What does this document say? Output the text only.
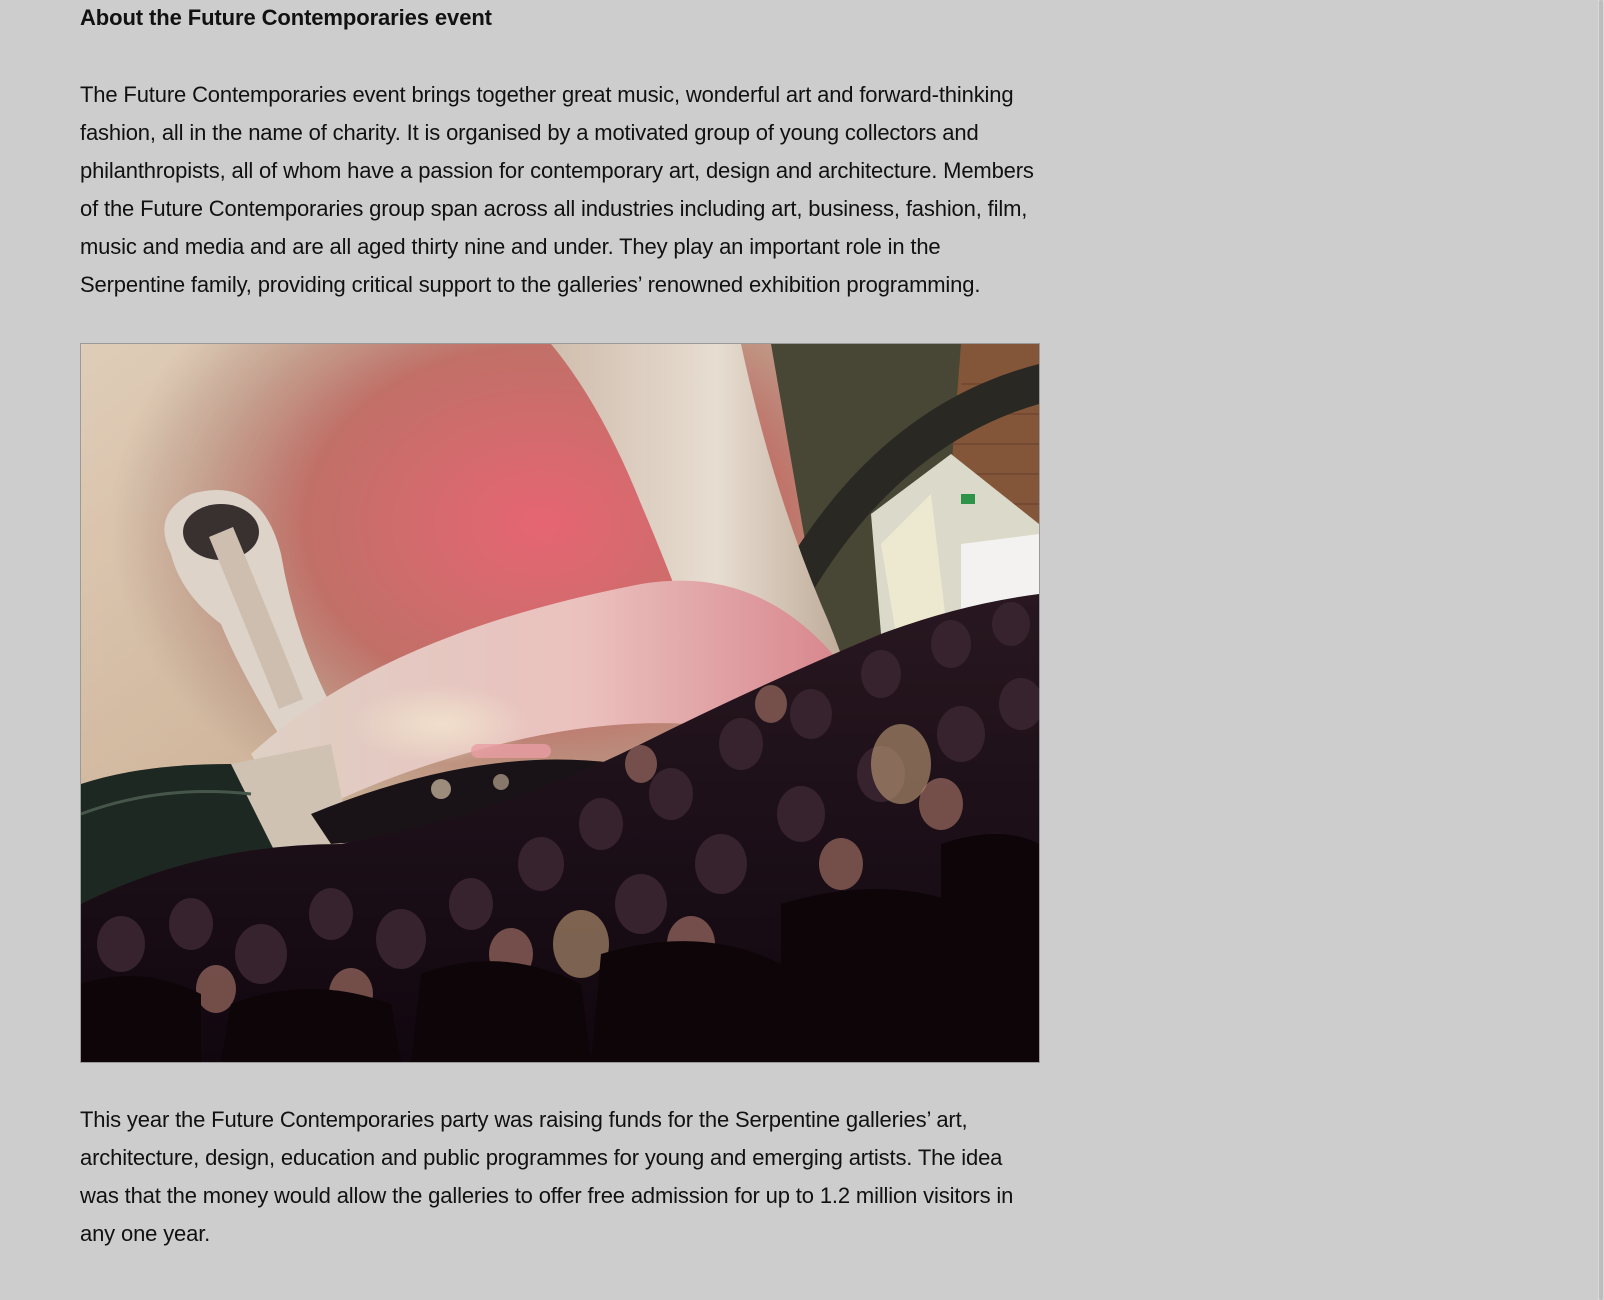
About the Future Contemporaries event

The Future Contemporaries event brings together great music, wonderful art and forward-thinking fashion, all in the name of charity. It is organised by a motivated group of young collectors and philanthropists, all of whom have a passion for contemporary art, design and architecture. Members of the Future Contemporaries group span across all industries including art, business, fashion, film, music and media and are all aged thirty nine and under. They play an important role in the Serpentine family, providing critical support to the galleries’ renowned exhibition programming.

This year the Future Contemporaries party was raising funds for the Serpentine galleries’ art, architecture, design, education and public programmes for young and emerging artists. The idea was that the money would allow the galleries to offer free admission for up to 1.2 million visitors in any one year.
